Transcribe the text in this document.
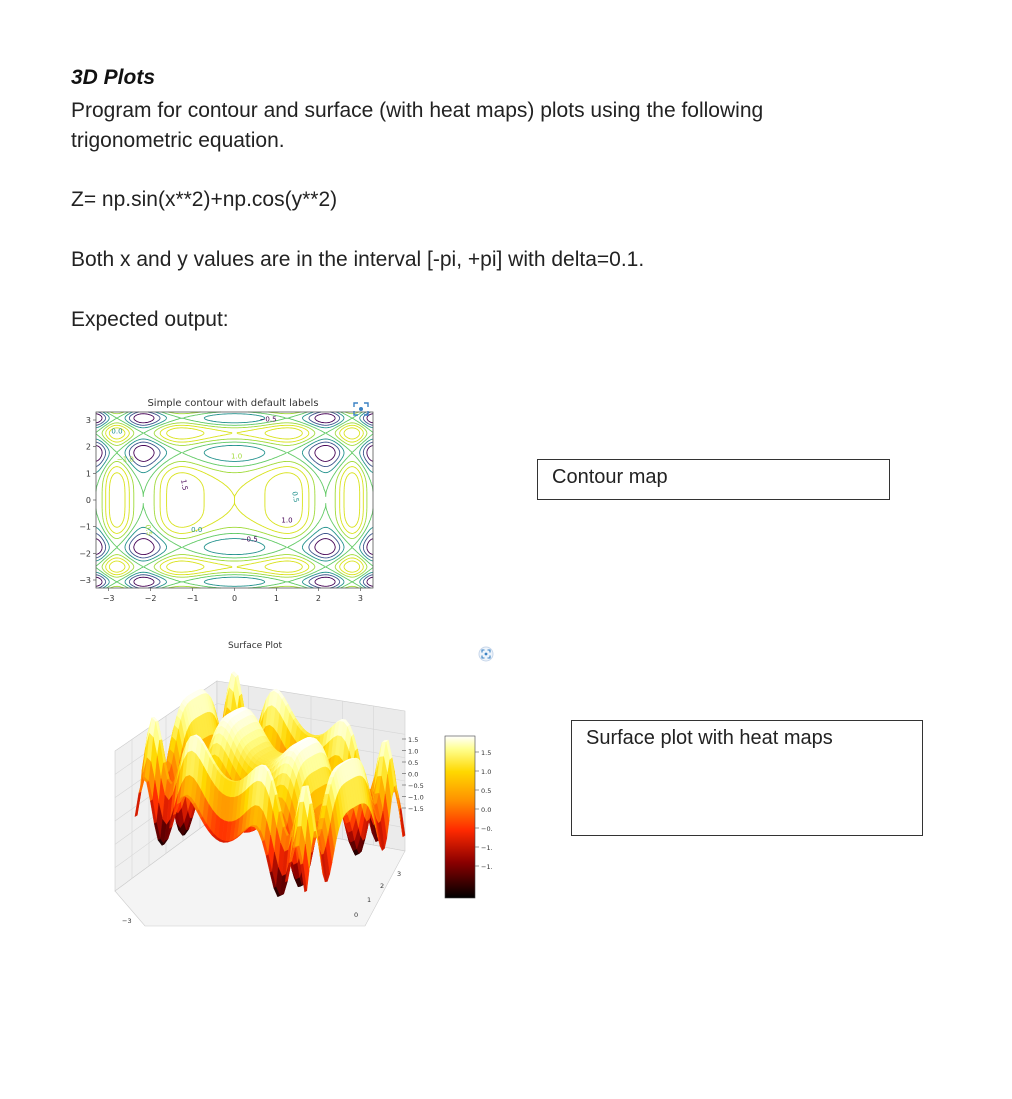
3D Plots
Program for contour and surface (with heat maps) plots using the following trigonometric equation.
Z= np.sin(x**2)+np.cos(y**2)
Both x and y values are in the interval [-pi, +pi] with delta=0.1.
Expected output:
Simple contour with default labels
−3	−2	−1	0	1	2	3
3
2
1
0
−1
−2
−3
−0.5
0.0
1.0
1.5
0.5
−1.0
−0.5
0.0
0.5
1.0
Contour map
Surface Plot
1.5
1.0
0.5
0.0
−0.5
−1.0
−1.5
3
2
1
0
−3
1.5
1.0
0.5
0.0
−0.
−1.
−1.
Surface plot with heat maps
